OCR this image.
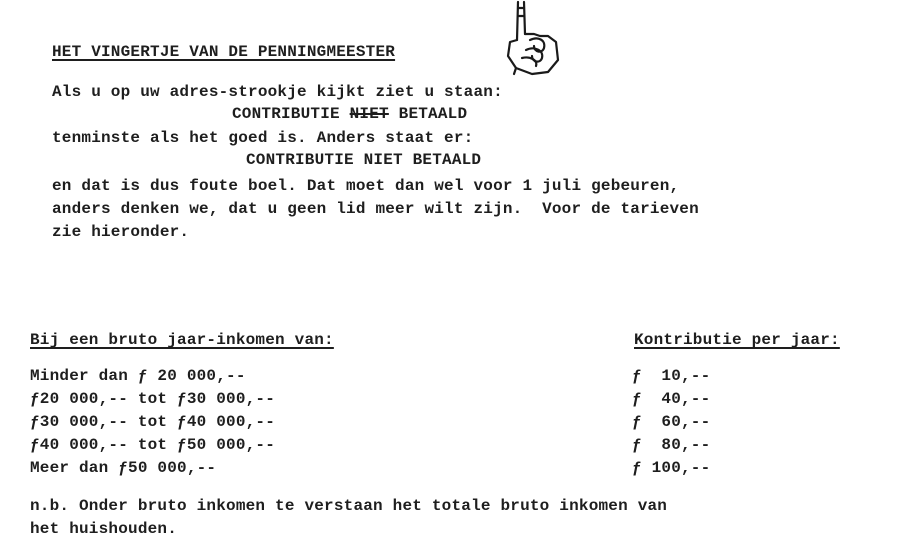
HET VINGERTJE VAN DE PENNINGMEESTER
Als u op uw adres-strookje kijkt ziet u staan:
CONTRIBUTIE NIET BETAALD
tenminste als het goed is. Anders staat er:
CONTRIBUTIE NIET BETAALD
en dat is dus foute boel. Dat moet dan wel voor 1 juli gebeuren,
anders denken we, dat u geen lid meer wilt zijn.  Voor de tarieven
zie hieronder.
Bij een bruto jaar-inkomen van:	Kontributie per jaar:
Minder dan ƒ 20 000,--	ƒ  10,--
ƒ20 000,-- tot ƒ30 000,--	ƒ  40,--
ƒ30 000,-- tot ƒ40 000,--	ƒ  60,--
ƒ40 000,-- tot ƒ50 000,--	ƒ  80,--
Meer dan ƒ50 000,--	ƒ 100,--
n.b. Onder bruto inkomen te verstaan het totale bruto inkomen van
het huishouden.
